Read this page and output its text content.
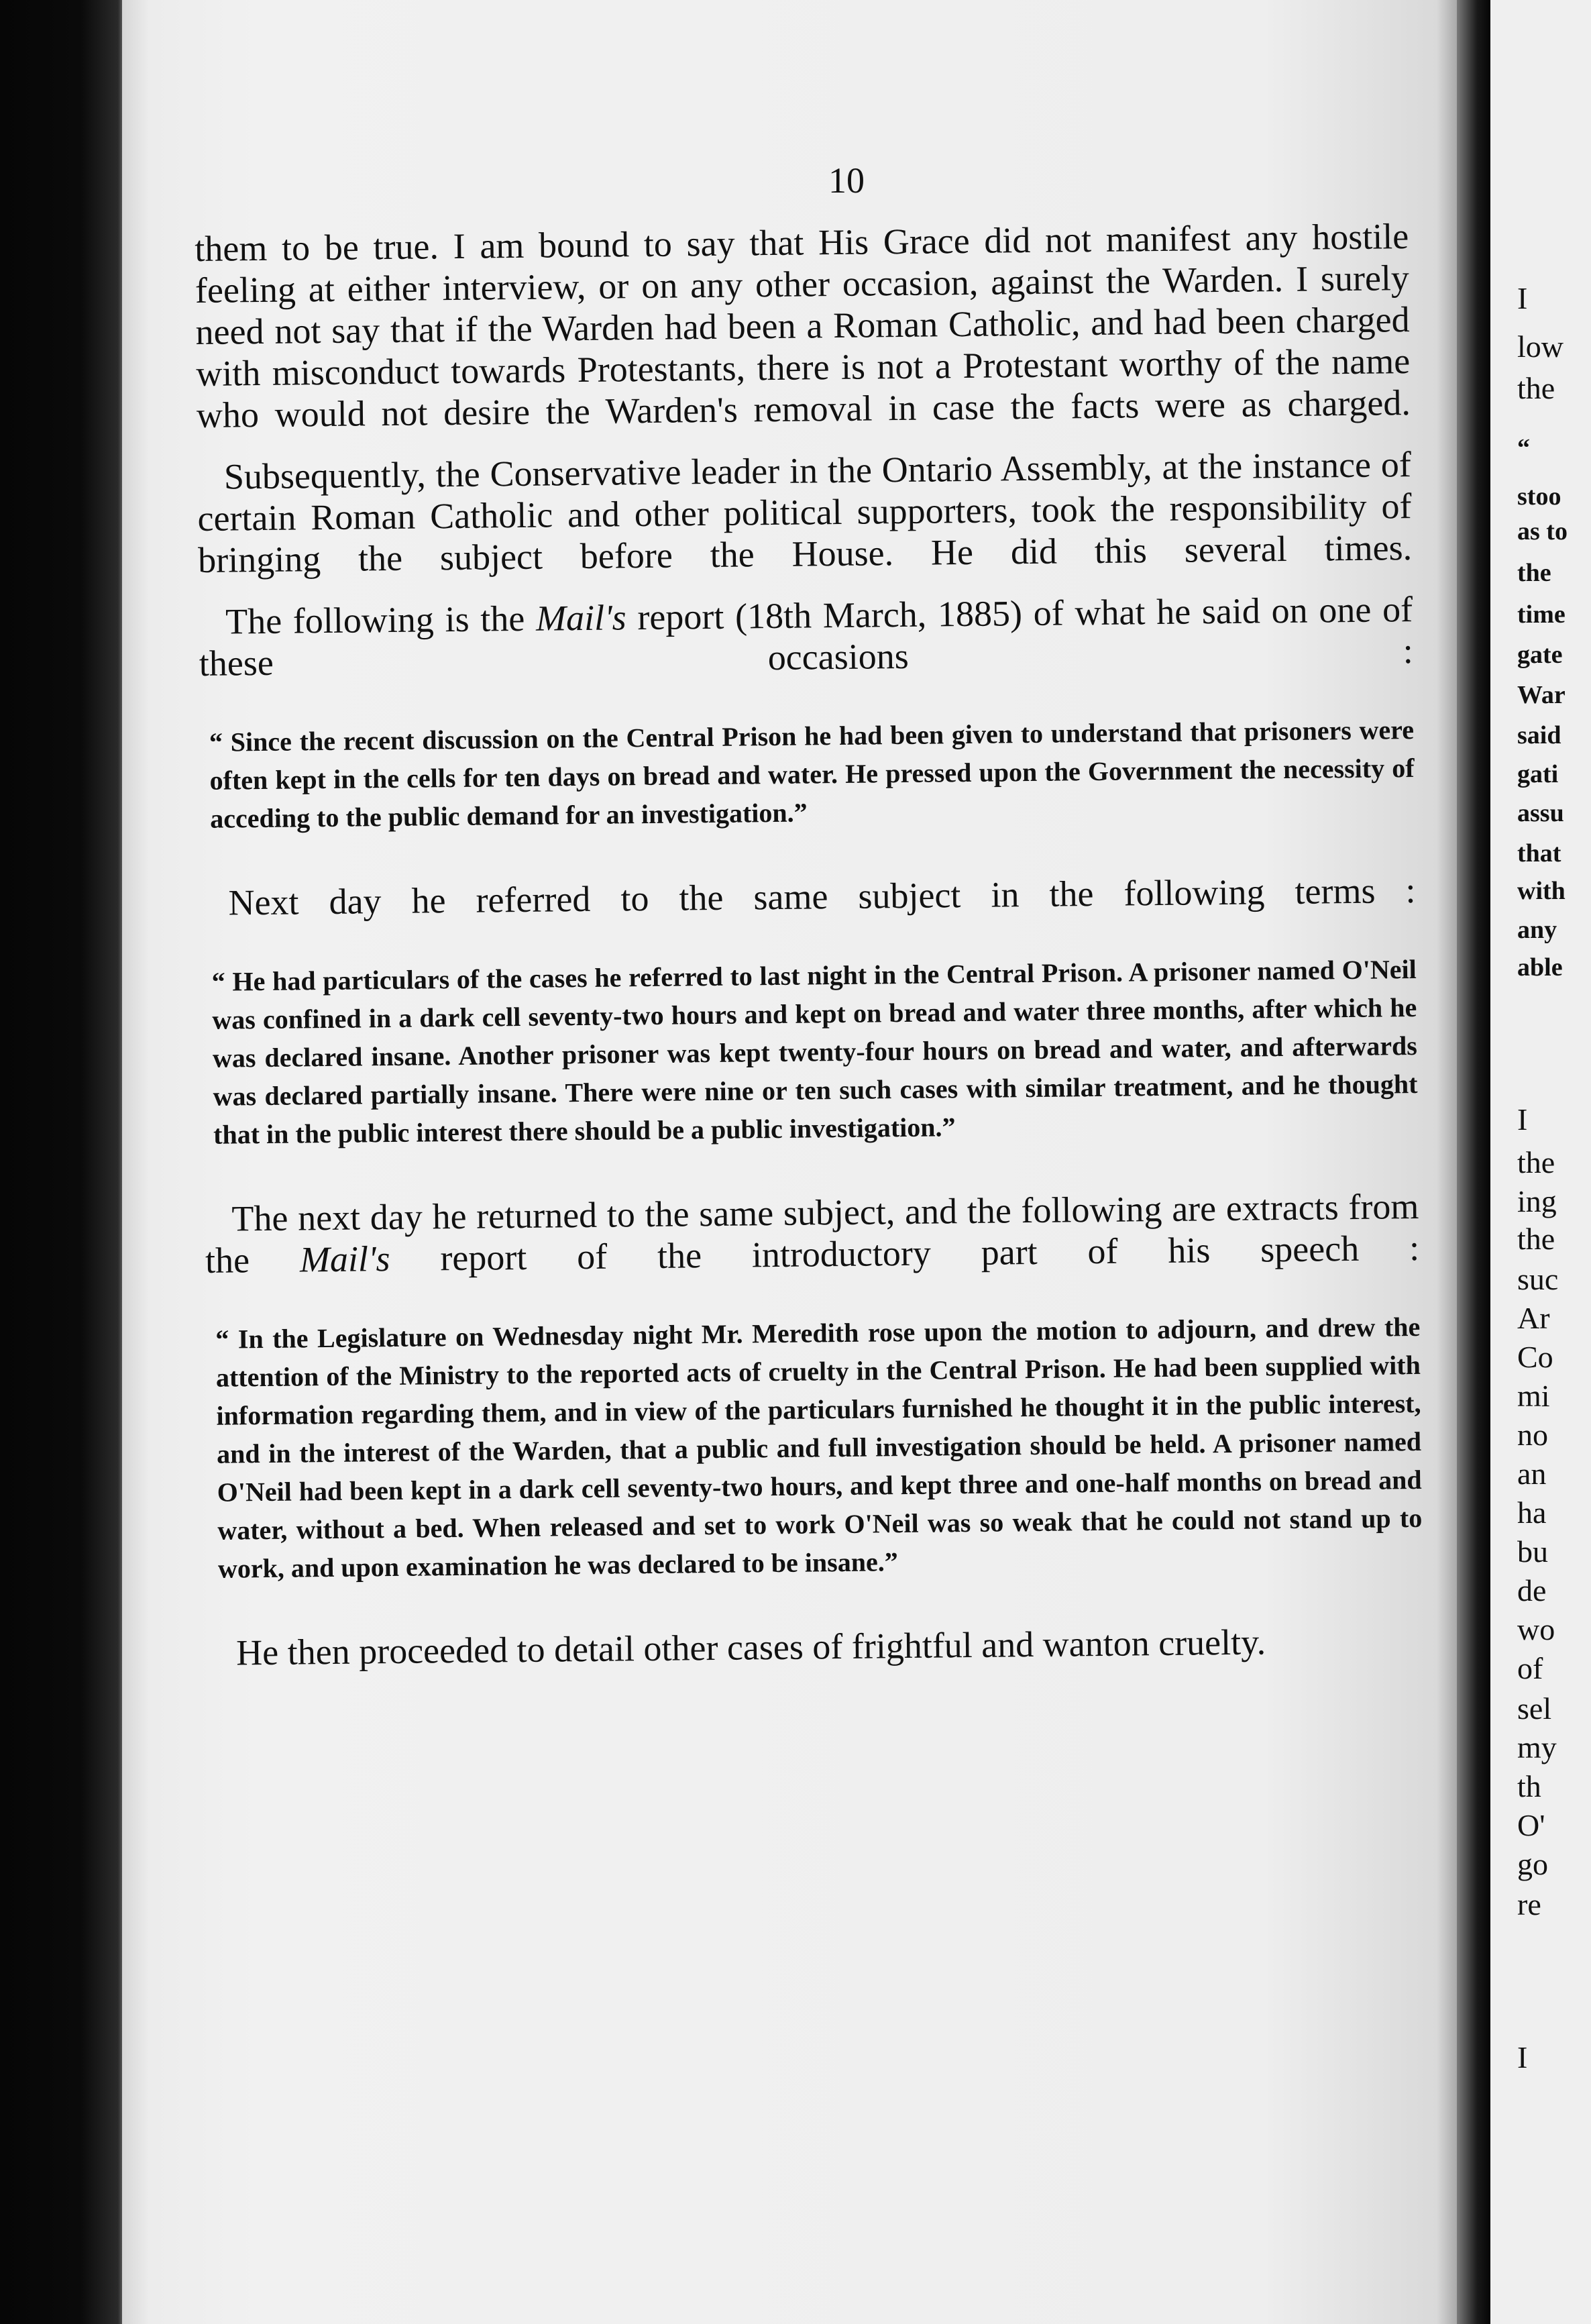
10

them to be true. I am bound to say that His Grace did not manifest any hostile feeling at either interview, or on any other occasion, against the Warden. I surely need not say that if the Warden had been a Roman Catholic, and had been charged with misconduct towards Protestants, there is not a Protestant worthy of the name who would not desire the Warden's removal in case the facts were as charged.

Subsequently, the Conservative leader in the Ontario Assembly, at the instance of certain Roman Catholic and other political supporters, took the responsibility of bringing the subject before the House. He did this several times.

The following is the Mail's report (18th March, 1885) of what he said on one of these occasions :

“ Since the recent discussion on the Central Prison he had been given to understand that prisoners were often kept in the cells for ten days on bread and water. He pressed upon the Government the necessity of acceding to the public demand for an investigation.”

Next day he referred to the same subject in the following terms :

“ He had particulars of the cases he referred to last night in the Central Prison. A prisoner named O'Neil was confined in a dark cell seventy-two hours and kept on bread and water three months, after which he was declared insane. Another prisoner was kept twenty-four hours on bread and water, and afterwards was declared partially insane. There were nine or ten such cases with similar treatment, and he thought that in the public interest there should be a public investigation.”

The next day he returned to the same subject, and the following are extracts from the Mail's report of the introductory part of his speech :

“ In the Legislature on Wednesday night Mr. Meredith rose upon the motion to adjourn, and drew the attention of the Ministry to the reported acts of cruelty in the Central Prison. He had been supplied with information regarding them, and in view of the particulars furnished he thought it in the public interest, and in the interest of the Warden, that a public and full investigation should be held. A prisoner named O'Neil had been kept in a dark cell seventy-two hours, and kept three and one-half months on bread and water, without a bed. When released and set to work O'Neil was so weak that he could not stand up to work, and upon examination he was declared to be insane.”

He then proceeded to detail other cases of frightful and wanton cruelty.

I
low
the
“
stoo
as to
the
time
gate
War
said
gati
assu
that
with
any
able
I
the
ing
the
suc
Ar
Co
mi
no
an
ha
bu
de
wo
of
sel
my
th
O'
go
re
I
